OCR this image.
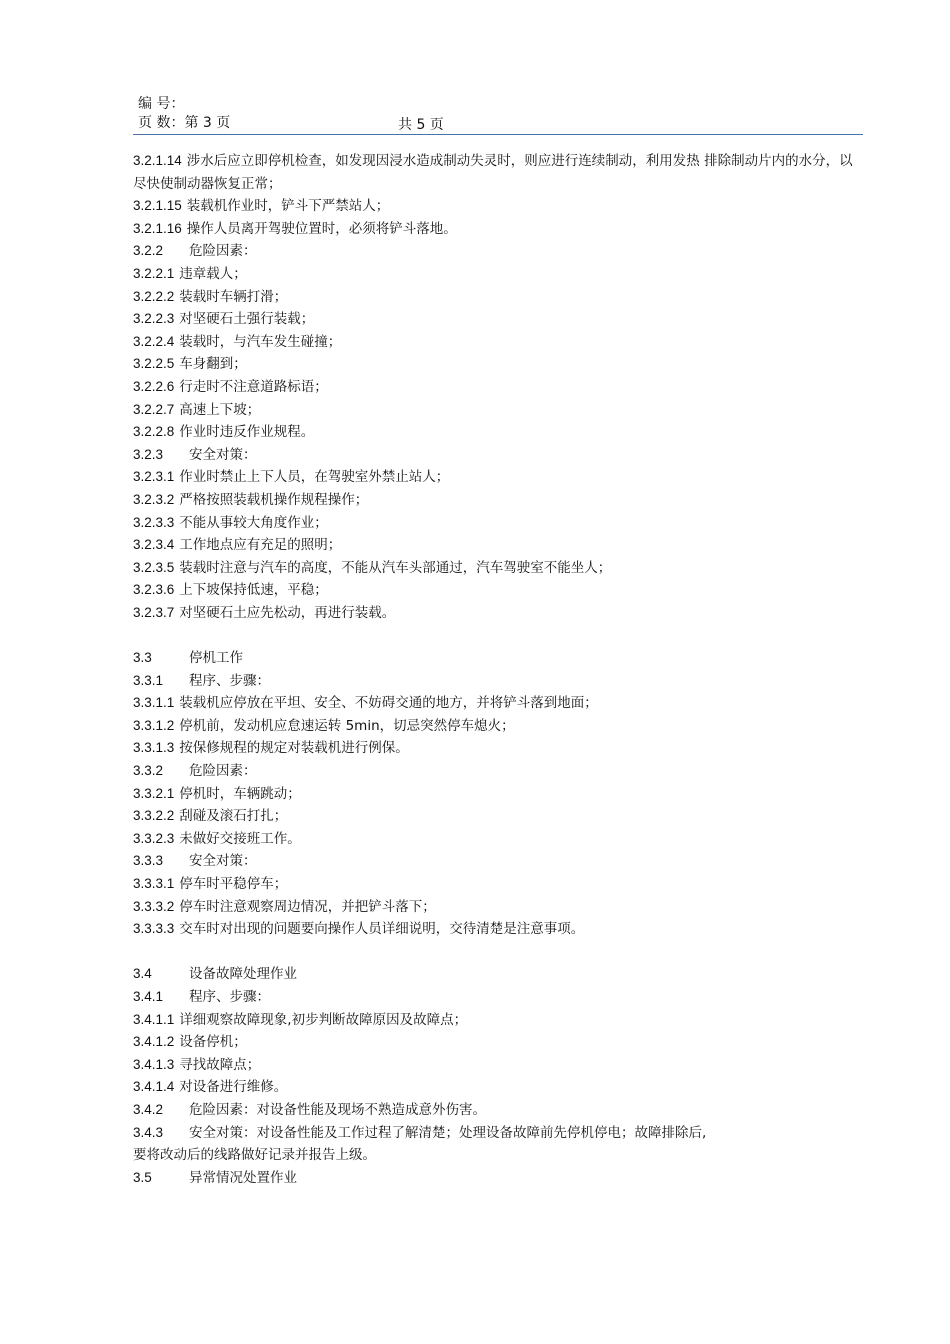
编 号：
页 数：第 3 页	共 5 页
3.2.1.14 涉水后应立即停机检查，如发现因浸水造成制动失灵时，则应进行连续制动，利用发热 排除制动片内的水分，以尽快使制动器恢复正常；
3.2.1.15 装载机作业时，铲斗下严禁站人；
3.2.1.16 操作人员离开驾驶位置时，必须将铲斗落地。
3.2.2 危险因素：
3.2.2.1 违章载人；
3.2.2.2 装载时车辆打滑；
3.2.2.3 对坚硬石土强行装载；
3.2.2.4 装载时，与汽车发生碰撞；
3.2.2.5 车身翻到；
3.2.2.6 行走时不注意道路标语；
3.2.2.7 高速上下坡；
3.2.2.8 作业时违反作业规程。
3.2.3 安全对策：
3.2.3.1 作业时禁止上下人员，在驾驶室外禁止站人；
3.2.3.2 严格按照装载机操作规程操作；
3.2.3.3 不能从事较大角度作业；
3.2.3.4 工作地点应有充足的照明；
3.2.3.5 装载时注意与汽车的高度，不能从汽车头部通过，汽车驾驶室不能坐人；
3.2.3.6 上下坡保持低速，平稳；
3.2.3.7 对坚硬石土应先松动，再进行装载。
3.3	停机工作
3.3.1 程序、步骤：
3.3.1.1 装载机应停放在平坦、安全、不妨碍交通的地方，并将铲斗落到地面；
3.3.1.2 停机前，发动机应怠速运转 5min，切忌突然停车熄火；
3.3.1.3 按保修规程的规定对装载机进行例保。
3.3.2 危险因素：
3.3.2.1 停机时，车辆跳动；
3.3.2.2 刮碰及滚石打扎；
3.3.2.3 未做好交接班工作。
3.3.3 安全对策：
3.3.3.1 停车时平稳停车；
3.3.3.2 停车时注意观察周边情况，并把铲斗落下；
3.3.3.3 交车时对出现的问题要向操作人员详细说明，交待清楚是注意事项。
3.4	设备故障处理作业
3.4.1 程序、步骤：
3.4.1.1 详细观察故障现象,初步判断故障原因及故障点；
3.4.1.2 设备停机；
3.4.1.3 寻找故障点；
3.4.1.4 对设备进行维修。
3.4.2 危险因素：对设备性能及现场不熟造成意外伤害。
3.4.3 安全对策：对设备性能及工作过程了解清楚；处理设备故障前先停机停电；故障排除后,
要将改动后的线路做好记录并报告上级。
3.5	异常情况处置作业
